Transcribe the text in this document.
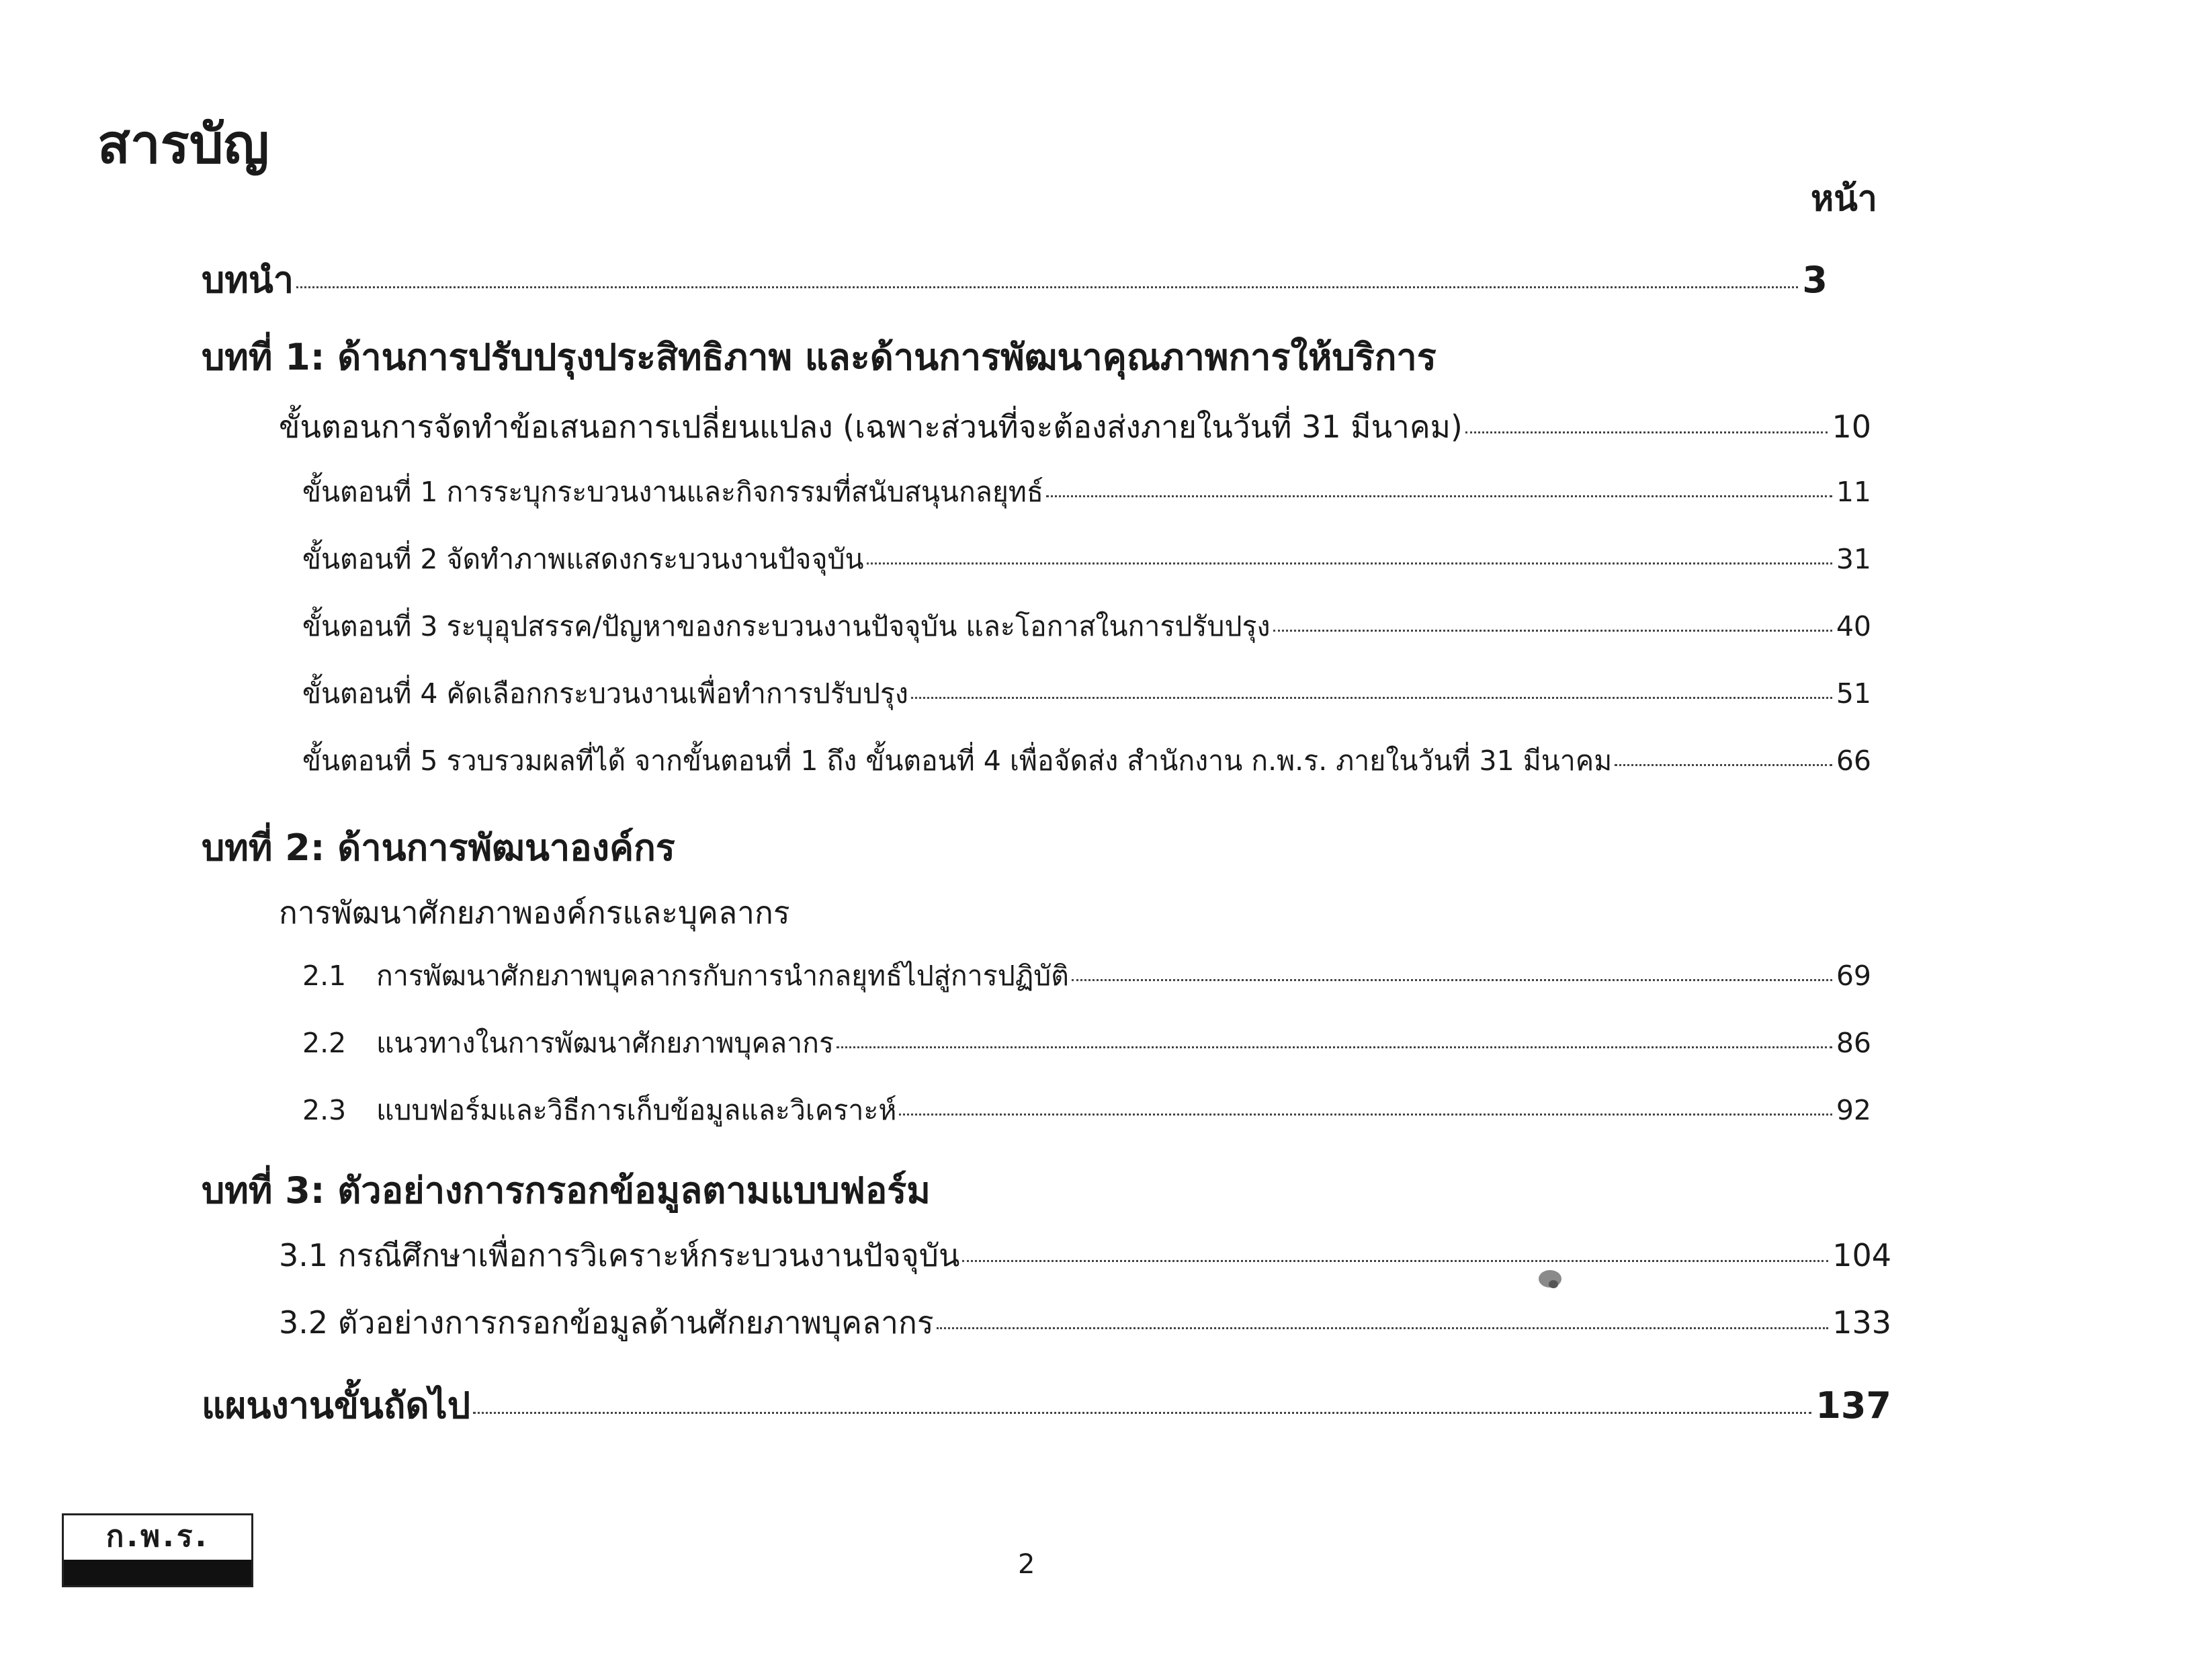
สารบัญ
หน้า
บทนำ	3
บทที่ 1: ด้านการปรับปรุงประสิทธิภาพ และด้านการพัฒนาคุณภาพการให้บริการ
ขั้นตอนการจัดทำข้อเสนอการเปลี่ยนแปลง (เฉพาะส่วนที่จะต้องส่งภายในวันที่ 31 มีนาคม)	10
ขั้นตอนที่ 1 การระบุกระบวนงานและกิจกรรมที่สนับสนุนกลยุทธ์	11
ขั้นตอนที่ 2 จัดทำภาพแสดงกระบวนงานปัจจุบัน	31
ขั้นตอนที่ 3 ระบุอุปสรรค/ปัญหาของกระบวนงานปัจจุบัน และโอกาสในการปรับปรุง	40
ขั้นตอนที่ 4 คัดเลือกกระบวนงานเพื่อทำการปรับปรุง	51
ขั้นตอนที่ 5 รวบรวมผลที่ได้ จากขั้นตอนที่ 1 ถึง ขั้นตอนที่ 4 เพื่อจัดส่ง สำนักงาน ก.พ.ร. ภายในวันที่ 31 มีนาคม	66
บทที่ 2: ด้านการพัฒนาองค์กร
การพัฒนาศักยภาพองค์กรและบุคลากร
2.1	การพัฒนาศักยภาพบุคลากรกับการนำกลยุทธ์ไปสู่การปฏิบัติ	69
2.2	แนวทางในการพัฒนาศักยภาพบุคลากร	86
2.3	แบบฟอร์มและวิธีการเก็บข้อมูลและวิเคราะห์	92
บทที่ 3: ตัวอย่างการกรอกข้อมูลตามแบบฟอร์ม
3.1 กรณีศึกษาเพื่อการวิเคราะห์กระบวนงานปัจจุบัน	104
3.2 ตัวอย่างการกรอกข้อมูลด้านศักยภาพบุคลากร	133
แผนงานขั้นถัดไป	137
ก.พ.ร.
2
